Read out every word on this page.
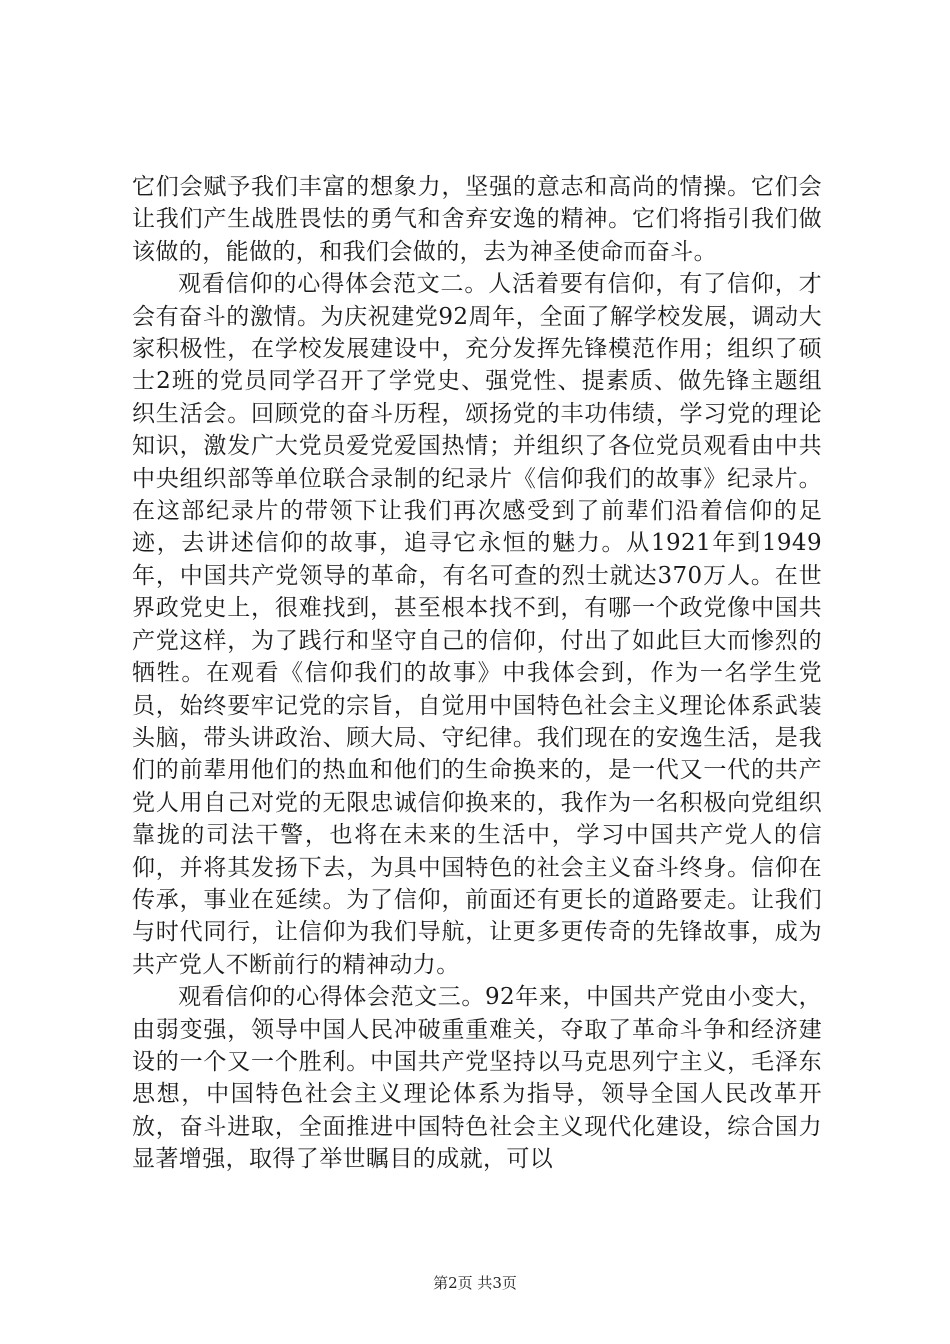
它们会赋予我们丰富的想象力，坚强的意志和高尚的情操。它们会让我们产生战胜畏怯的勇气和舍弃安逸的精神。它们将指引我们做该做的，能做的，和我们会做的，去为神圣使命而奋斗。

观看信仰的心得体会范文二。人活着要有信仰，有了信仰，才会有奋斗的激情。为庆祝建党92周年，全面了解学校发展，调动大家积极性，在学校发展建设中，充分发挥先锋模范作用；组织了硕士2班的党员同学召开了学党史、强党性、提素质、做先锋主题组织生活会。回顾党的奋斗历程，颂扬党的丰功伟绩，学习党的理论知识，激发广大党员爱党爱国热情；并组织了各位党员观看由中共中央组织部等单位联合录制的纪录片《信仰我们的故事》纪录片。在这部纪录片的带领下让我们再次感受到了前辈们沿着信仰的足迹，去讲述信仰的故事，追寻它永恒的魅力。从1921年到1949年，中国共产党领导的革命，有名可查的烈士就达370万人。在世界政党史上，很难找到，甚至根本找不到，有哪一个政党像中国共产党这样，为了践行和坚守自己的信仰，付出了如此巨大而惨烈的牺牲。在观看《信仰我们的故事》中我体会到，作为一名学生党员，始终要牢记党的宗旨，自觉用中国特色社会主义理论体系武装头脑，带头讲政治、顾大局、守纪律。我们现在的安逸生活，是我们的前辈用他们的热血和他们的生命换来的，是一代又一代的共产党人用自己对党的无限忠诚信仰换来的，我作为一名积极向党组织靠拢的司法干警，也将在未来的生活中，学习中国共产党人的信仰，并将其发扬下去，为具中国特色的社会主义奋斗终身。信仰在传承，事业在延续。为了信仰，前面还有更长的道路要走。让我们与时代同行，让信仰为我们导航，让更多更传奇的先锋故事，成为共产党人不断前行的精神动力。

观看信仰的心得体会范文三。92年来，中国共产党由小变大，由弱变强，领导中国人民冲破重重难关，夺取了革命斗争和经济建设的一个又一个胜利。中国共产党坚持以马克思列宁主义，毛泽东思想，中国特色社会主义理论体系为指导，领导全国人民改革开放，奋斗进取，全面推进中国特色社会主义现代化建设，综合国力显著增强，取得了举世瞩目的成就，可以

第2页 共3页
